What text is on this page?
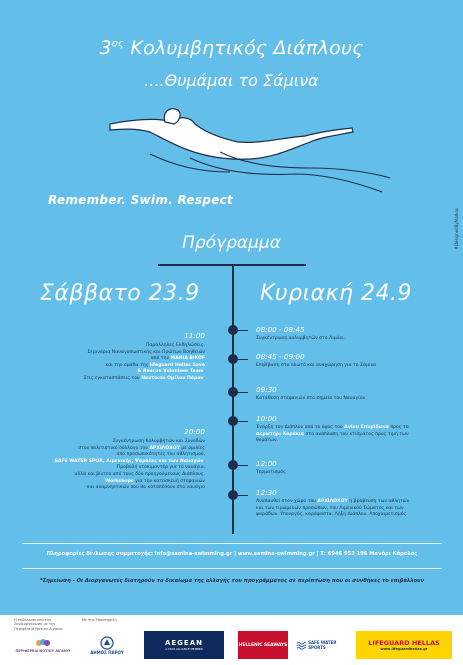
$3^{o\varsigma}$ Κολυμβητικός Διάπλους
....Θυμάμαι το Σάμινα
Remember. Swim. Respect
#DesignedByMarkos
Πρόγραμμα
Σάββατο 23.9	Κυριακή 24.9
11:00
Παράλληλες Εκδηλώσεις,
Σεμινάρια Ναυαγοσωστικής και Πρώτων Βοηθειών
από την ΜΑΝΙΑ BIKOF
και την ομάδα της lifeguard Hellas Save
& Rescue Volunteer Team.
Στις εγκαταστάσεις του Ναυτικού Ομίλου Πάρου.
20:00
Συγκέντρωση Κολυμβητών και Συνοδών
στον πολιτιστικό σύλλογο του ΑΡΧΙΛΟΧΟΥ με ομιλίες
από προσωπικότητες του αθλητισμού,
SAFE WATER SPOR, Λιμενικής, Ψαράδες και των Ναυαγών.
Προβολή ντοκιμαντέρ για το ναυάγιο,
αλλά και βίντεο από τους δύο προηγούμενους Διάπλους.
Workshops για την κατασκευή στεφανιών
και αναμνηστικών που θα καταπέσουν στο ναυάγιο
08:00 - 08:45
Συγκέντρωση κολυμβητών στο Λιμάνι.
08:45 - 09:00
Επιβίβαση στο πλωτό και αναχώρηση για το Σάμινα
09:30
Κατάθεση στεφανιών στο σημείο του Ναυαγίου
10:00
Έναρξη του Διάπλου από το ύψος του Αγίου Σπυρίδωνα προς το
ακρωτήρι Κοράκια στο ανάπλαση του κτίσματος προς τιμή των
θυμάτων.
12:00
Τερματισμός
12:30
Αναπαυθεί στον χώρο του ΑΡΧΙΛΟΧΟΥ η βράβευση των αθλητών
και των τιμώμενων προσώπων, του Λιμενικού Σώματος και των
ψαράδων. Υπουργός, καράφαστα, Λήξη Διάπλου. Αποχαιρετισμός
Πληροφορίες δίνλωσης συμμετοχής: info@samina-swimming.gr | www.samina-swimming.gr | Τ: 6946 952 196 Μανόρι Κάραλος
*Σημείωση - Οι Διοργανωτές διατηρούν το δικαίωμα της αλλαγής του προγράμματος σε περίπτωση που οι συνθήκες το επιβάλλουν
Η εκδήλωση υπό την Συνδιοργάνωση με την Περιφέρεια Νοτίου Αιγαίου
Με την Υποστήριξη
ΠΕΡΙΦΕΡΕΙΑ ΝΟΤΙΟΥ ΑΙΓΑΙΟΥ	ΔΗΜΟΣ ΠΑΡΟΥ
AEGEAN
A STAR ALLIANCE MEMBER
HELLENIC SEAWAYS	SAFE WATER SPORTS
LIFEGUARD HELLAS
www.lifeguardhellas.gr
